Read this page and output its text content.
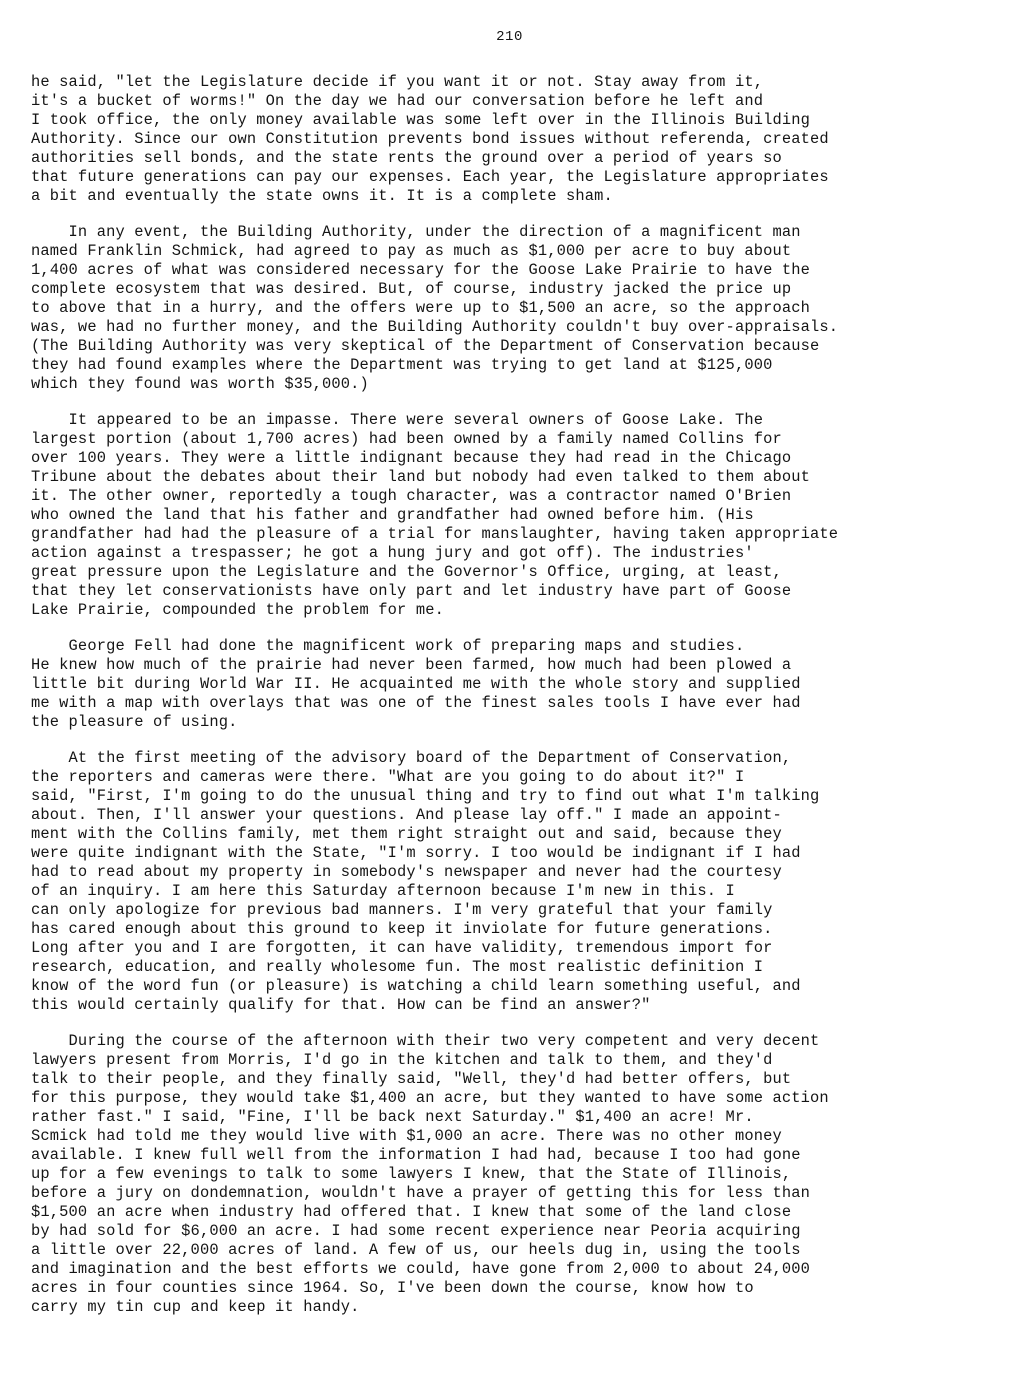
210
he said, "let the Legislature decide if you want it or not. Stay away from it,
it's a bucket of worms!" On the day we had our conversation before he left and
I took office, the only money available was some left over in the Illinois Building
Authority. Since our own Constitution prevents bond issues without referenda, created
authorities sell bonds, and the state rents the ground over a period of years so
that future generations can pay our expenses. Each year, the Legislature appropriates
a bit and eventually the state owns it. It is a complete sham.
In any event, the Building Authority, under the direction of a magnificent man
named Franklin Schmick, had agreed to pay as much as $1,000 per acre to buy about
1,400 acres of what was considered necessary for the Goose Lake Prairie to have the
complete ecosystem that was desired. But, of course, industry jacked the price up
to above that in a hurry, and the offers were up to $1,500 an acre, so the approach
was, we had no further money, and the Building Authority couldn't buy over-appraisals.
(The Building Authority was very skeptical of the Department of Conservation because
they had found examples where the Department was trying to get land at $125,000
which they found was worth $35,000.)
It appeared to be an impasse. There were several owners of Goose Lake. The
largest portion (about 1,700 acres) had been owned by a family named Collins for
over 100 years. They were a little indignant because they had read in the Chicago
Tribune about the debates about their land but nobody had even talked to them about
it. The other owner, reportedly a tough character, was a contractor named O'Brien
who owned the land that his father and grandfather had owned before him. (His
grandfather had had the pleasure of a trial for manslaughter, having taken appropriate
action against a trespasser; he got a hung jury and got off). The industries'
great pressure upon the Legislature and the Governor's Office, urging, at least,
that they let conservationists have only part and let industry have part of Goose
Lake Prairie, compounded the problem for me.
George Fell had done the magnificent work of preparing maps and studies.
He knew how much of the prairie had never been farmed, how much had been plowed a
little bit during World War II. He acquainted me with the whole story and supplied
me with a map with overlays that was one of the finest sales tools I have ever had
the pleasure of using.
At the first meeting of the advisory board of the Department of Conservation,
the reporters and cameras were there. "What are you going to do about it?" I
said, "First, I'm going to do the unusual thing and try to find out what I'm talking
about. Then, I'll answer your questions. And please lay off." I made an appoint-
ment with the Collins family, met them right straight out and said, because they
were quite indignant with the State, "I'm sorry. I too would be indignant if I had
had to read about my property in somebody's newspaper and never had the courtesy
of an inquiry. I am here this Saturday afternoon because I'm new in this. I
can only apologize for previous bad manners. I'm very grateful that your family
has cared enough about this ground to keep it inviolate for future generations.
Long after you and I are forgotten, it can have validity, tremendous import for
research, education, and really wholesome fun. The most realistic definition I
know of the word fun (or pleasure) is watching a child learn something useful, and
this would certainly qualify for that. How can be find an answer?"
During the course of the afternoon with their two very competent and very decent
lawyers present from Morris, I'd go in the kitchen and talk to them, and they'd
talk to their people, and they finally said, "Well, they'd had better offers, but
for this purpose, they would take $1,400 an acre, but they wanted to have some action
rather fast." I said, "Fine, I'll be back next Saturday." $1,400 an acre! Mr.
Scmick had told me they would live with $1,000 an acre. There was no other money
available. I knew full well from the information I had had, because I too had gone
up for a few evenings to talk to some lawyers I knew, that the State of Illinois,
before a jury on dondemnation, wouldn't have a prayer of getting this for less than
$1,500 an acre when industry had offered that. I knew that some of the land close
by had sold for $6,000 an acre. I had some recent experience near Peoria acquiring
a little over 22,000 acres of land. A few of us, our heels dug in, using the tools
and imagination and the best efforts we could, have gone from 2,000 to about 24,000
acres in four counties since 1964. So, I've been down the course, know how to
carry my tin cup and keep it handy.
